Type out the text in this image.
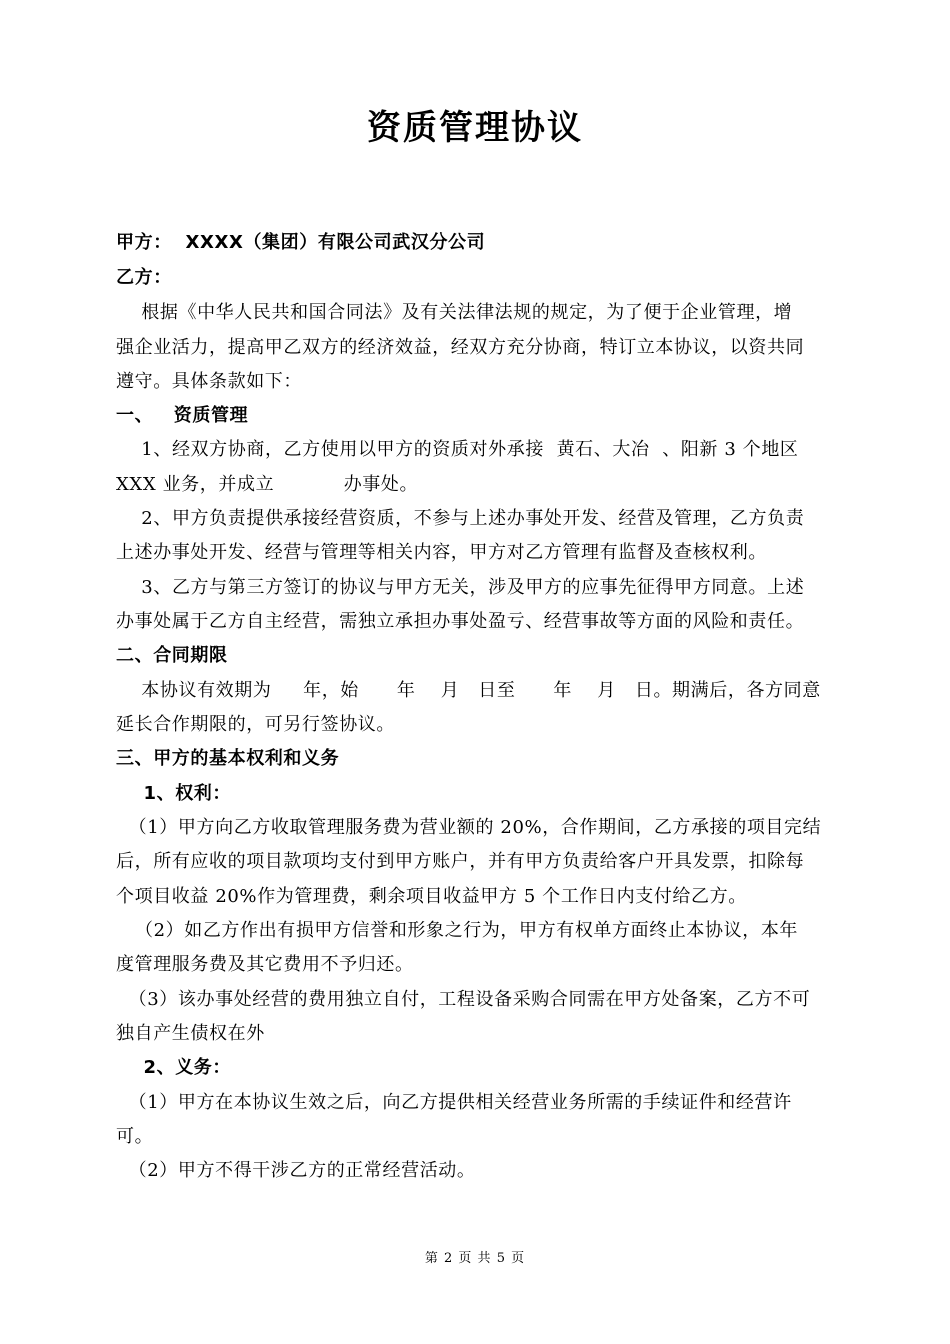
资质管理协议
甲方：  XXXX（集团）有限公司武汉分公司
乙方：
根据《中华人民共和国合同法》及有关法律法规的规定，为了便于企业管理，增
强企业活力，提高甲乙双方的经济效益，经双方充分协商，特订立本协议，以资共同
遵守。具体条款如下：
一、   资质管理
1、经双方协商，乙方使用以甲方的资质对外承接  黄石、大冶  、阳新 3 个地区
XXX 业务，并成立           办事处。
2、甲方负责提供承接经营资质，不参与上述办事处开发、经营及管理，乙方负责
上述办事处开发、经营与管理等相关内容，甲方对乙方管理有监督及查核权利。
3、乙方与第三方签订的协议与甲方无关，涉及甲方的应事先征得甲方同意。上述
办事处属于乙方自主经营，需独立承担办事处盈亏、经营事故等方面的风险和责任。
二、合同期限
本协议有效期为     年，始      年    月   日至      年    月   日。期满后，各方同意
延长合作期限的，可另行签协议。
三、甲方的基本权利和义务
1、权利：
（1）甲方向乙方收取管理服务费为营业额的 20%，合作期间，乙方承接的项目完结
后，所有应收的项目款项均支付到甲方账户，并有甲方负责给客户开具发票，扣除每
个项目收益 20%作为管理费，剩余项目收益甲方 5 个工作日内支付给乙方。
（2）如乙方作出有损甲方信誉和形象之行为，甲方有权单方面终止本协议，本年
度管理服务费及其它费用不予归还。
（3）该办事处经营的费用独立自付，工程设备采购合同需在甲方处备案，乙方不可
独自产生债权在外
2、义务：
（1）甲方在本协议生效之后，向乙方提供相关经营业务所需的手续证件和经营许
可。
（2）甲方不得干涉乙方的正常经营活动。
第 2 页 共 5 页
